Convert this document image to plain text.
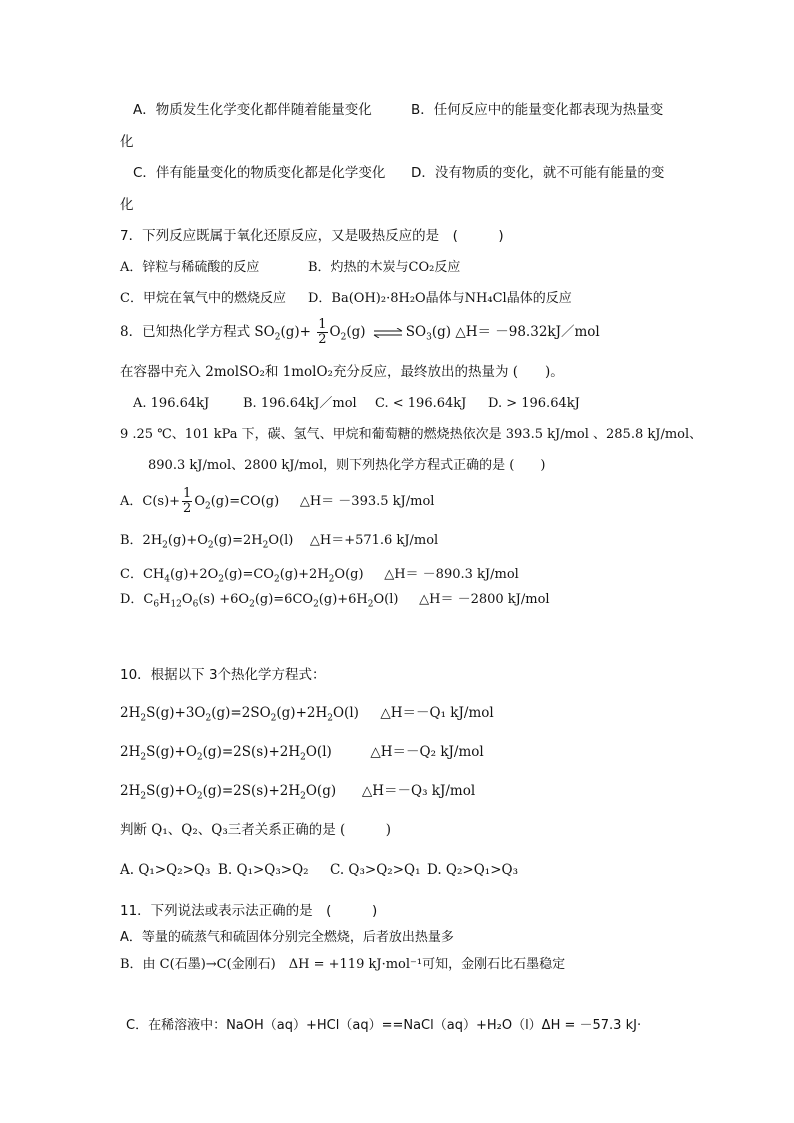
A．物质发生化学变化都伴随着能量变化	B．任何反应中的能量变化都表现为热量变
化
C．伴有能量变化的物质变化都是化学变化 D．没有物质的变化，就不可能有能量的变
化
7．下列反应既属于氧化还原反应，又是吸热反应的是　(　　　)
A．锌粒与稀硫酸的反应	B．灼热的木炭与CO₂反应
C．甲烷在氧气中的燃烧反应 D．Ba(OH)₂·8H₂O晶体与NH₄Cl晶体的反应
8．已知热化学方程式 $SO_2(g)+ \frac{1}{2} O_2(g)$ ⇌ $SO_3(g)$ △H＝ －98.32kJ／mol
在容器中充入 2molSO₂和 1molO₂充分反应，最终放出的热量为 (　　)。
A. 196.64kJ	B. 196.64kJ／mol C. < 196.64kJ D. > 196.64kJ
9 .25 ℃、101 kPa 下，碳、氢气、甲烷和葡萄糖的燃烧热依次是 393.5 kJ/mol 、285.8 kJ/mol、
890.3 kJ/mol、2800 kJ/mol，则下列热化学方程式正确的是 (　　)
A．$C(s)+ \frac{1}{2} O_2(g)=CO(g)$     △H＝ －393.5 kJ/mol
B．$2H_2(g)+O_2(g)=2H_2O(l)$    △H＝+571.6 kJ/mol
C．$CH_4(g)+2O_2(g)=CO_2(g)+2H_2O(g)$     △H＝ －890.3 kJ/mol
D．$C_6H_{12}O_6(s) +6O_2(g)=6CO_2(g)+6H_2O(l)$     △H＝ －2800 kJ/mol
10．根据以下 3个热化学方程式：
$2H_2S(g)+3O_2(g)=2SO_2(g)+2H_2O(l)$     △H＝－Q₁ kJ/mol
$2H_2S(g)+O_2(g)=2S(s)+2H_2O(l)$         △H＝－Q₂ kJ/mol
$2H_2S(g)+O_2(g)=2S(s)+2H_2O(g)$      △H＝－Q₃ kJ/mol
判断 Q₁、Q₂、Q₃三者关系正确的是 (　　　)
A. Q₁>Q₂>Q₃ B. Q₁>Q₃>Q₂ C. Q₃>Q₂>Q₁ D. Q₂>Q₁>Q₃
11．下列说法或表示法正确的是　(　　　)
A．等量的硫蒸气和硫固体分别完全燃烧，后者放出热量多
B．由 C(石墨)→C(金刚石)　ΔH = +119 kJ·mol⁻¹可知，金刚石比石墨稳定
C．在稀溶液中：NaOH（aq）+HCl（aq）==NaCl（aq）+H₂O（l）ΔH = －57.3 kJ·
